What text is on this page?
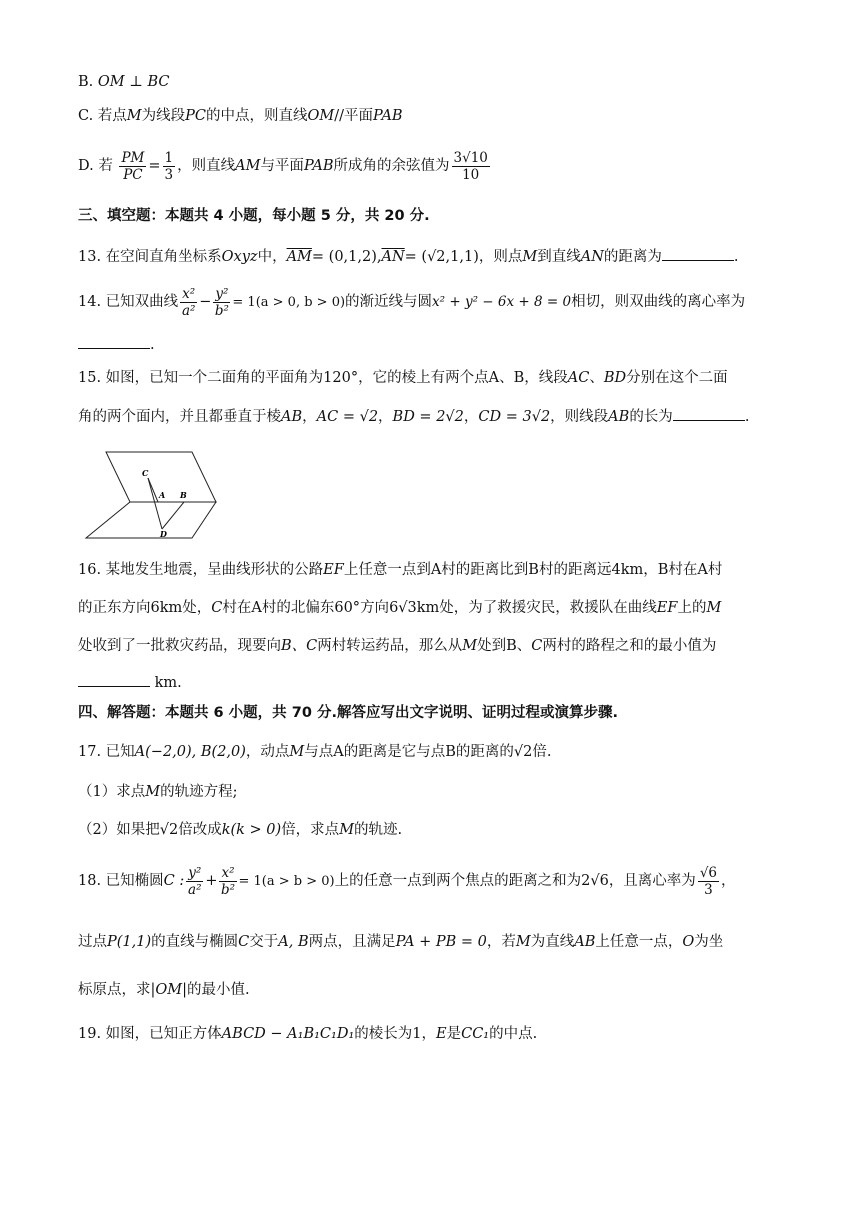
B. OM ⊥ BC
C. 若点M为线段PC的中点，则直线OM//平面PAB
D. 若 $\frac{PM}{PC} = \frac{1}{3}$ ，则直线AM与平面PAB所成角的余弦值为 $\frac{3√10}{10}$
三、填空题：本题共 4 小题，每小题 5 分，共 20 分.
13. 在空间直角坐标系Oxyz中，$\overline{AM}= (0,1,2),\overline{AN}= (√2,1,1)$，则点M到直线AN的距离为	.
14. 已知双曲线 $\frac{\text{x²}}{\text{a²}} - \frac{\text{y²}}{\text{b²}} = 1(a > 0$, b > 0)的渐近线与圆x² + y² − 6x + 8 = 0相切，则双曲线的离心率为
.
15. 如图，已知一个二面角的平面角为120°，它的棱上有两个点A、B，线段AC、BD分别在这个二面
角的两个面内，并且都垂直于棱AB，AC = √2，BD = 2√2，CD = 3√2，则线段AB的长为	.
C
A B
D
16. 某地发生地震，呈曲线形状的公路EF上任意一点到A村的距离比到B村的距离远4km，B村在A村
的正东方向6km处，C村在A村的北偏东60°方向6√3km处，为了救援灾民，救援队在曲线EF上的M
处收到了一批救灾药品，现要向B、C两村转运药品，那么从M处到B、C两村的路程之和的最小值为
km.
四、解答题：本题共 6 小题，共 70 分.解答应写出文字说明、证明过程或演算步骤.
17. 已知A(−2,0), B(2,0)，动点M与点A的距离是它与点B的距离的√2倍.
（1）求点M的轨迹方程;
（2）如果把√2倍改成k(k > 0)倍，求点M的轨迹.
18. 已知椭圆C : $\frac{\text{y²}}{\text{a²}} + \frac{\text{x²}}{\text{b²}} = 1(a > b > 0)$上的任意一点到两个焦点的距离之和为2√6，且离心率为 $\frac{√6}{3}$ ，
过点P(1,1)的直线与椭圆C交于A, B两点，且满足PA + PB = 0，若M为直线AB上任意一点，O为坐
标原点，求|OM|的最小值.
19. 如图，已知正方体ABCD − A₁B₁C₁D₁的棱长为1，E是CC₁的中点.
